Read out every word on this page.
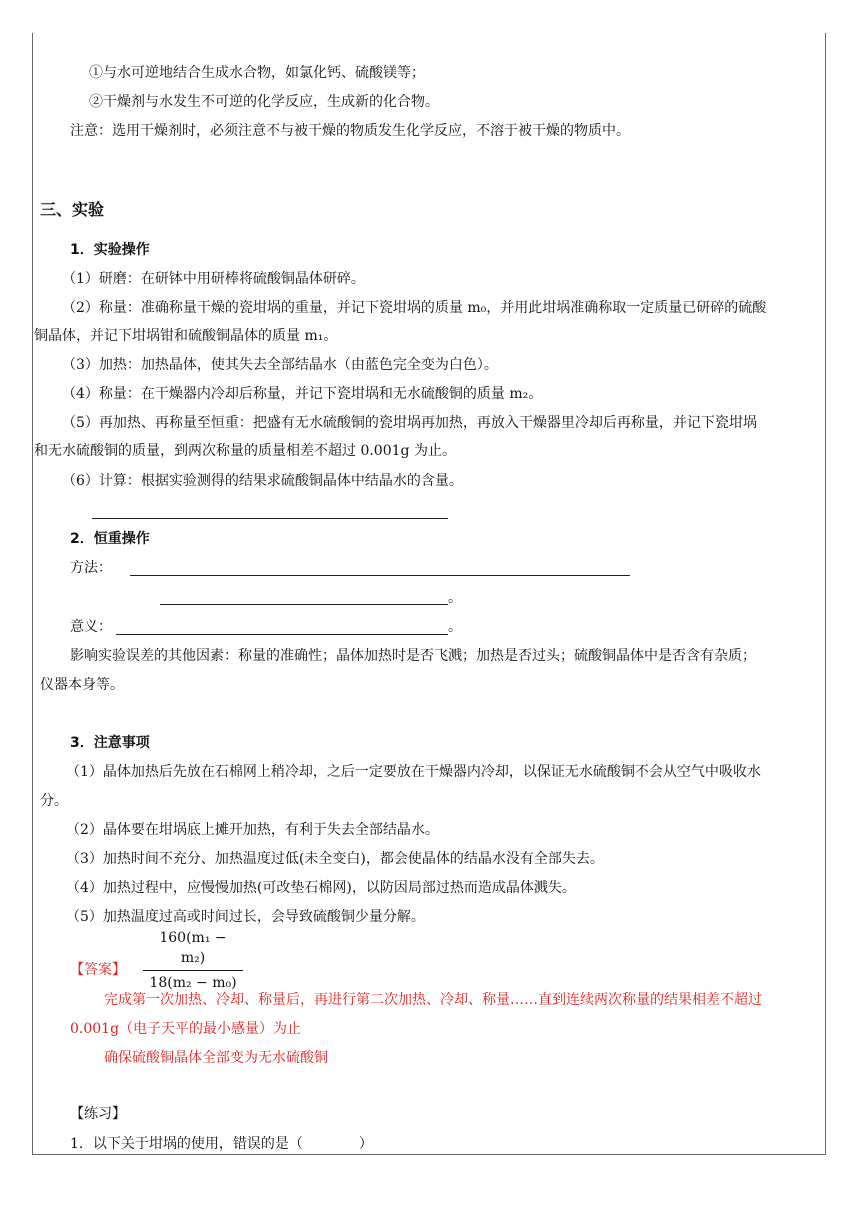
①与水可逆地结合生成水合物，如氯化钙、硫酸镁等；
②干燥剂与水发生不可逆的化学反应，生成新的化合物。
注意：选用干燥剂时，必须注意不与被干燥的物质发生化学反应，不溶于被干燥的物质中。
三、实验
1．实验操作
（1）研磨：在研钵中用研棒将硫酸铜晶体研碎。
（2）称量：准确称量干燥的瓷坩埚的重量，并记下瓷坩埚的质量 m₀，并用此坩埚准确称取一定质量已研碎的硫酸
铜晶体，并记下坩埚钳和硫酸铜晶体的质量 m₁。
（3）加热：加热晶体，使其失去全部结晶水（由蓝色完全变为白色）。
（4）称量：在干燥器内冷却后称量，并记下瓷坩埚和无水硫酸铜的质量 m₂。
（5）再加热、再称量至恒重：把盛有无水硫酸铜的瓷坩埚再加热，再放入干燥器里冷却后再称量，并记下瓷坩埚
和无水硫酸铜的质量，到两次称量的质量相差不超过 0.001g 为止。
（6）计算：根据实验测得的结果求硫酸铜晶体中结晶水的含量。
2．恒重操作
方法：
。
意义：	。
影响实验误差的其他因素：称量的准确性；晶体加热时是否飞溅；加热是否过头；硫酸铜晶体中是否含有杂质；
仪器本身等。
3．注意事项
（1）晶体加热后先放在石棉网上稍冷却，之后一定要放在干燥器内冷却，以保证无水硫酸铜不会从空气中吸收水
分。
（2）晶体要在坩埚底上摊开加热，有利于失去全部结晶水。
（3）加热时间不充分、加热温度过低(未全变白)，都会使晶体的结晶水没有全部失去。
（4）加热过程中，应慢慢加热(可改垫石棉网)，以防因局部过热而造成晶体溅失。
（5）加热温度过高或时间过长，会导致硫酸铜少量分解。
$\frac{\text{160(m₁ − m₂)}}{\text{18(m₂ − m₀)}}$
【答案】
完成第一次加热、冷却、称量后，再进行第二次加热、冷却、称量……直到连续两次称量的结果相差不超过
0.001g（电子天平的最小感量）为止
确保硫酸铜晶体全部变为无水硫酸铜
【练习】
1．以下关于坩埚的使用，错误的是（　　　　）
